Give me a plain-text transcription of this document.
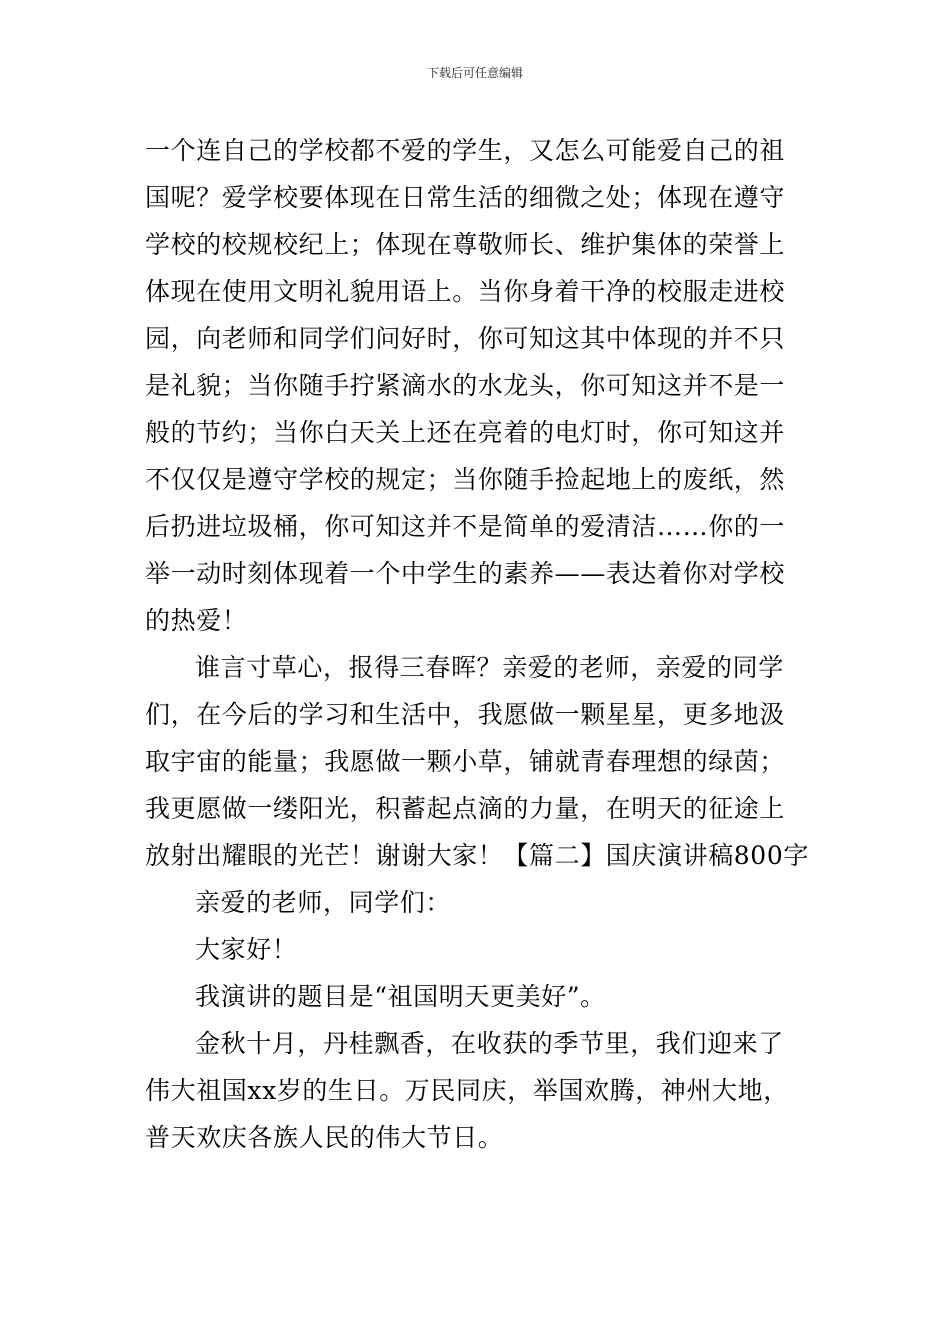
下载后可任意编辑
一个连自己的学校都不爱的学生，又怎么可能爱自己的祖
国呢？爱学校要体现在日常生活的细微之处；体现在遵守
学校的校规校纪上；体现在尊敬师长、维护集体的荣誉上
体现在使用文明礼貌用语上。当你身着干净的校服走进校
园，向老师和同学们问好时，你可知这其中体现的并不只
是礼貌；当你随手拧紧滴水的水龙头，你可知这并不是一
般的节约；当你白天关上还在亮着的电灯时，你可知这并
不仅仅是遵守学校的规定；当你随手捡起地上的废纸，然
后扔进垃圾桶，你可知这并不是简单的爱清洁……你的一
举一动时刻体现着一个中学生的素养——表达着你对学校
的热爱！
谁言寸草心，报得三春晖？亲爱的老师，亲爱的同学
们，在今后的学习和生活中，我愿做一颗星星，更多地汲
取宇宙的能量；我愿做一颗小草，铺就青春理想的绿茵；
我更愿做一缕阳光，积蓄起点滴的力量，在明天的征途上
放射出耀眼的光芒！谢谢大家！【篇二】国庆演讲稿800字
亲爱的老师，同学们：
大家好！
我演讲的题目是“祖国明天更美好”。
金秋十月，丹桂飘香，在收获的季节里，我们迎来了
伟大祖国xx岁的生日。万民同庆，举国欢腾，神州大地，
普天欢庆各族人民的伟大节日。
